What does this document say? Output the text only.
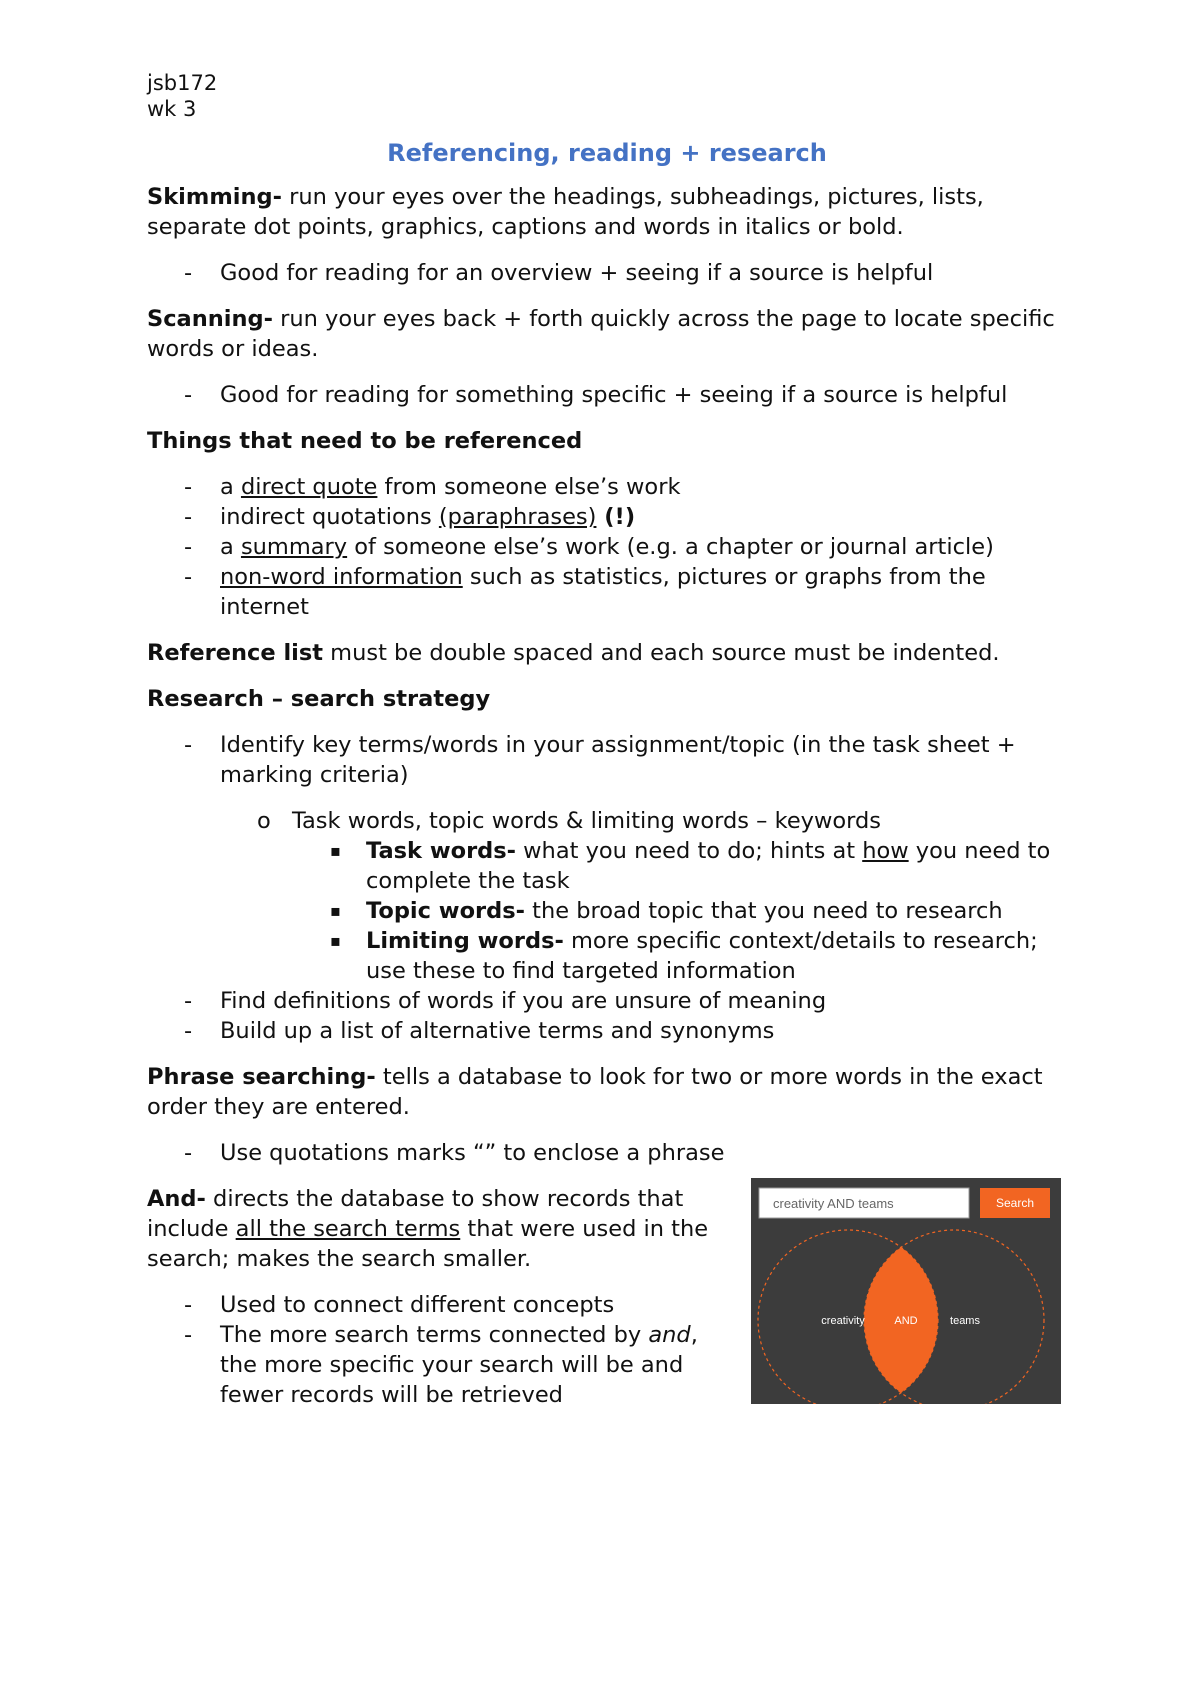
jsb172

wk 3

Referencing, reading + research

Skimming- run your eyes over the headings, subheadings, pictures, lists, separate dot points, graphics, captions and words in italics or bold.

- Good for reading for an overview + seeing if a source is helpful

Scanning- run your eyes back + forth quickly across the page to locate specific words or ideas.

- Good for reading for something specific + seeing if a source is helpful

Things that need to be referenced

- a direct quote from someone else’s work
- indirect quotations (paraphrases) (!)
- a summary of someone else’s work (e.g. a chapter or journal article)
- non-word information such as statistics, pictures or graphs from the internet

Reference list must be double spaced and each source must be indented.

Research – search strategy

- Identify key terms/words in your assignment/topic (in the task sheet + marking criteria)
o Task words, topic words & limiting words – keywords
▪ Task words- what you need to do; hints at how you need to complete the task
▪ Topic words- the broad topic that you need to research
▪ Limiting words- more specific context/details to research; use these to find targeted information
- Find definitions of words if you are unsure of meaning
- Build up a list of alternative terms and synonyms

Phrase searching- tells a database to look for two or more words in the exact order they are entered.

- Use quotations marks “” to enclose a phrase

And- directs the database to show records that include all the search terms that were used in the search; makes the search smaller.

- Used to connect different concepts
- The more search terms connected by and, the more specific your search will be and fewer records will be retrieved
creativity AND teams	Search
creativity	AND	teams
